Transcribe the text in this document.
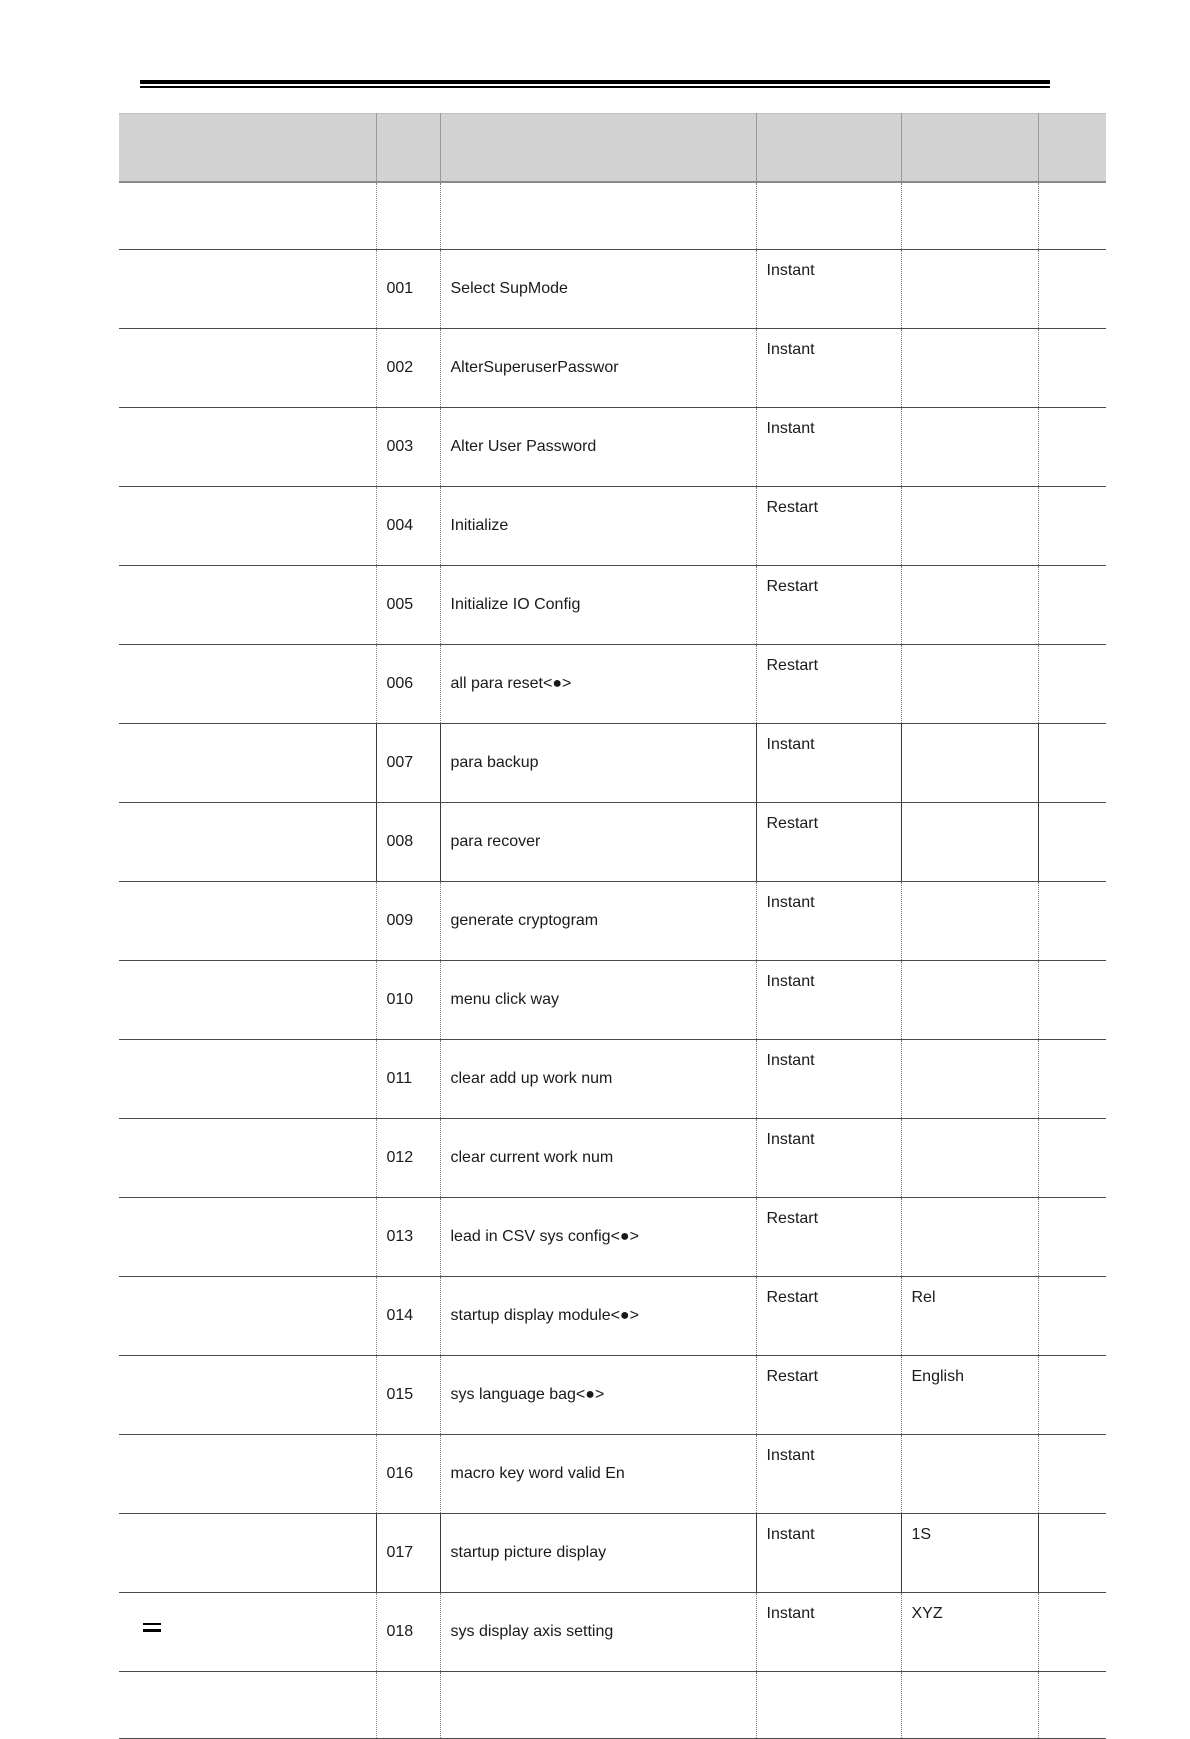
	001	Select SupMode	Instant		
	002	AlterSuperuserPasswor	Instant		
	003	Alter User Password	Instant		
	004	Initialize	Restart		
	005	Initialize IO Config	Restart		
	006	all para reset<●>	Restart		
	007	para backup	Instant		
	008	para recover	Restart		
	009	generate cryptogram	Instant		
	010	menu click way	Instant		
	011	clear add up work num	Instant		
	012	clear current work num	Instant		
	013	lead in CSV sys config<●>	Restart		
	014	startup display module<●>	Restart	Rel	
	015	sys language bag<●>	Restart	English	
	016	macro key word valid En	Instant		
	017	startup picture display	Instant	1S	
	018	sys display axis setting	Instant	XYZ	
